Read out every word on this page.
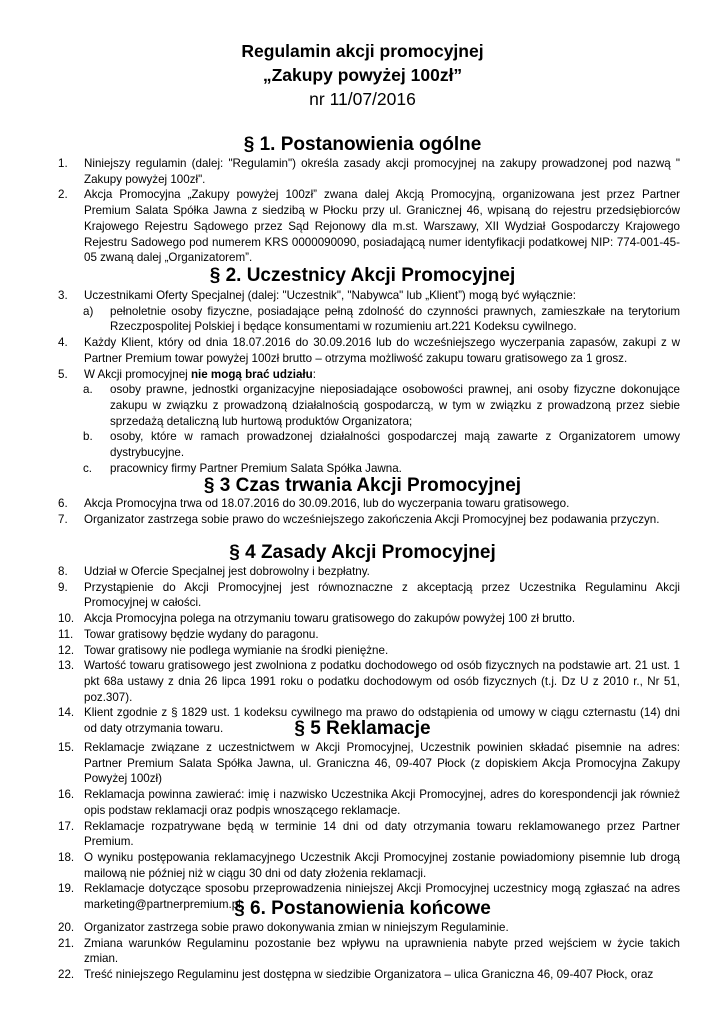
Regulamin akcji promocyjnej
„Zakupy powyżej 100zł”
nr 11/07/2016
§ 1. Postanowienia ogólne
1.	Niniejszy regulamin (dalej: "Regulamin") określa zasady akcji promocyjnej na zakupy prowadzonej pod nazwą " Zakupy powyżej 100zł".
2.	Akcja Promocyjna „Zakupy powyżej 100zł” zwana dalej Akcją Promocyjną, organizowana jest przez Partner Premium Salata Spółka Jawna z siedzibą w Płocku przy ul. Granicznej 46, wpisaną do rejestru przedsiębiorców Krajowego Rejestru Sądowego przez Sąd Rejonowy dla m.st. Warszawy, XII Wydział Gospodarczy Krajowego Rejestru Sadowego pod numerem KRS 0000090090, posiadającą numer identyfikacji podatkowej NIP: 774-001-45-05 zwaną dalej „Organizatorem”.
§ 2. Uczestnicy Akcji Promocyjnej
3.	Uczestnikami Oferty Specjalnej (dalej: "Uczestnik", "Nabywca" lub „Klient”) mogą być wyłącznie:
a)	pełnoletnie osoby fizyczne, posiadające pełną zdolność do czynności prawnych, zamieszkałe na terytorium Rzeczpospolitej Polskiej i będące konsumentami w rozumieniu art.221 Kodeksu cywilnego.
4.	Każdy Klient, który od dnia 18.07.2016 do 30.09.2016 lub do wcześniejszego wyczerpania zapasów, zakupi z w Partner Premium towar powyżej 100zł brutto – otrzyma możliwość zakupu towaru gratisowego za 1 grosz.
5.	W Akcji promocyjnej nie mogą brać udziału:
a.	osoby prawne, jednostki organizacyjne nieposiadające osobowości prawnej, ani osoby fizyczne dokonujące zakupu w związku z prowadzoną działalnością gospodarczą, w tym w związku z prowadzoną przez siebie sprzedażą detaliczną lub hurtową produktów Organizatora;
b.	osoby, które w ramach prowadzonej działalności gospodarczej mają zawarte z Organizatorem umowy dystrybucyjne.
c.	pracownicy firmy Partner Premium Salata Spółka Jawna.
§ 3 Czas trwania Akcji Promocyjnej
6.	Akcja Promocyjna trwa od 18.07.2016 do 30.09.2016, lub do wyczerpania towaru gratisowego.
7.	Organizator zastrzega sobie prawo do wcześniejszego zakończenia Akcji Promocyjnej bez podawania przyczyn.
§ 4 Zasady Akcji Promocyjnej
8.	Udział w Ofercie Specjalnej jest dobrowolny i bezpłatny.
9.	Przystąpienie do Akcji Promocyjnej jest równoznaczne z akceptacją przez Uczestnika Regulaminu Akcji Promocyjnej w całości.
10. Akcja Promocyjna polega na otrzymaniu towaru gratisowego do zakupów powyżej 100 zł brutto.
11. Towar gratisowy będzie wydany do paragonu.
12. Towar gratisowy nie podlega wymianie na środki pieniężne.
13. Wartość towaru gratisowego jest zwolniona z podatku dochodowego od osób fizycznych na podstawie art. 21 ust. 1 pkt 68a ustawy z dnia 26 lipca 1991 roku o podatku dochodowym od osób fizycznych (t.j. Dz U z 2010 r., Nr 51, poz.307).
14. Klient zgodnie z § 1829 ust. 1 kodeksu cywilnego ma prawo do odstąpienia od umowy w ciągu czternastu (14) dni od daty otrzymania towaru.	§ 5 Reklamacje
15. Reklamacje związane z uczestnictwem w Akcji Promocyjnej, Uczestnik powinien składać pisemnie na adres: Partner Premium Salata Spółka Jawna, ul. Graniczna 46, 09-407 Płock (z dopiskiem Akcja Promocyjna Zakupy Powyżej 100zł)
16. Reklamacja powinna zawierać: imię i nazwisko Uczestnika Akcji Promocyjnej, adres do korespondencji jak również opis podstaw reklamacji oraz podpis wnoszącego reklamacje.
17. Reklamacje rozpatrywane będą w terminie 14 dni od daty otrzymania towaru reklamowanego przez Partner Premium.
18. O wyniku postępowania reklamacyjnego Uczestnik Akcji Promocyjnej zostanie powiadomiony pisemnie lub drogą mailową nie później niż w ciągu 30 dni od daty złożenia reklamacji.
19. Reklamacje dotyczące sposobu przeprowadzenia niniejszej Akcji Promocyjnej uczestnicy mogą zgłaszać na adres marketing@partnerpremium.pl
§ 6. Postanowienia końcowe
20. Organizator zastrzega sobie prawo dokonywania zmian w niniejszym Regulaminie.
21. Zmiana warunków Regulaminu pozostanie bez wpływu na uprawnienia nabyte przed wejściem w życie takich zmian.
22. Treść niniejszego Regulaminu jest dostępna w siedzibie Organizatora – ulica Graniczna 46, 09-407 Płock, oraz
